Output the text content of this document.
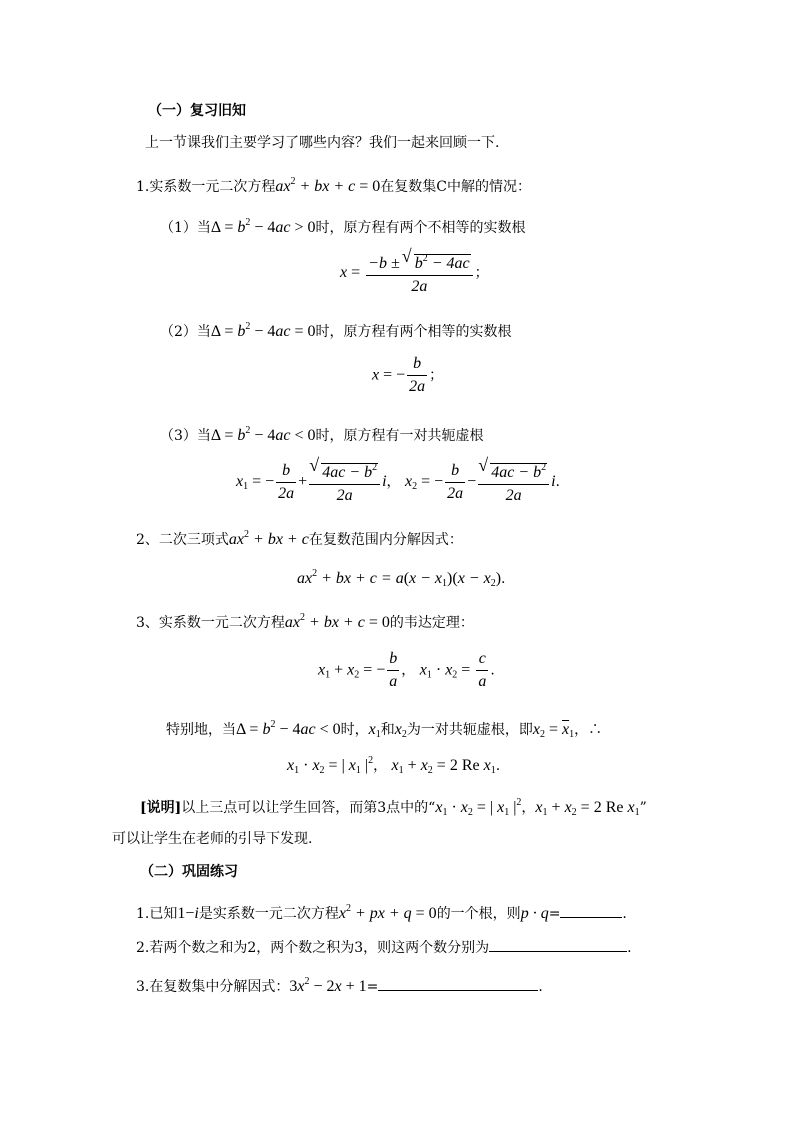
（一）复习旧知
上一节课我们主要学习了哪些内容？我们一起来回顾一下.
1.实系数一元二次方程$ax^2$ + bx + c = 0在复数集C中解的情况：
（1）当$\Delta = b^2 - 4ac > 0$时，原方程有两个不相等的实数根
$x = \frac{-b \pm √ b^2 - 4ac}{2a}$ ；
（2）当$\Delta = b^2 - 4ac = 0$时，原方程有两个相等的实数根
x = − $\frac{b}{2a}$ ；
（3）当$\Delta = b^2 - 4ac < 0$时，原方程有一对共轭虚根
$x_1$ = − $\frac{b}{2a}$ + √ $\frac{4ac - b^2}{2a}$ i， $x_2$ = − $\frac{b}{2a}$ − √ $\frac{4ac - b^2}{2a} i$.
2、二次三项式$ax^2$ + bx + c在复数范围内分解因式：
$ax^2$ + bx + $c = a(x - x_1)(x - x_2)$.
3、实系数一元二次方程$ax^2$ + bx + c = 0的韦达定理：
$x_1 + x_2$ = − $\frac{b}{a}$ ， $x_1 \cdot x_2 = \frac{c}{a}$ .
特别地，当$\Delta = b^2 - 4ac < 0$时，$x_1$和$x_2$为一对共轭虚根，即$x_2 = \overline{x}_1$，∴
$x_1 \cdot x_2$ = | $x_1$ $|^2$， $x_1 + x_2 = 2$ Re $x_1$.
[说明]以上三点可以让学生回答，而第3点中的“$x_1 \cdot x_2$ = | $x_1$ $|^2$，$x_1 + x_2 = 2$ Re $x_1$”
可以让学生在老师的引导下发现.
（二）巩固练习
1.已知1−i是实系数一元二次方程$x^2$ + px + q = 0的一个根，则p · q=	.
2.若两个数之和为2，两个数之积为3，则这两个数分别为	.
3.在复数集中分解因式：$3x^2 - 2x + 1=$	.
